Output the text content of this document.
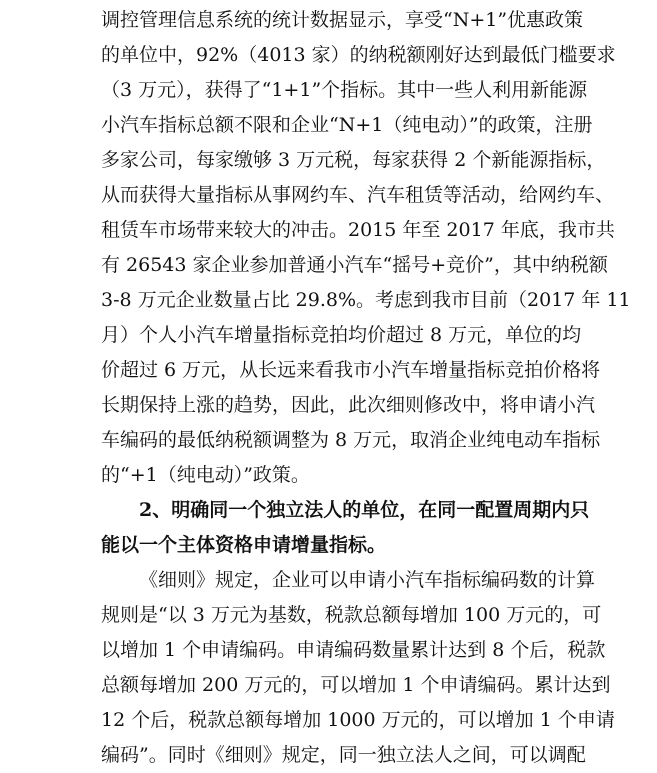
调控管理信息系统的统计数据显示，享受“N+1”优惠政策
的单位中，92%（4013 家）的纳税额刚好达到最低门槛要求
（3 万元），获得了“1+1”个指标。其中一些人利用新能源
小汽车指标总额不限和企业“N+1（纯电动）”的政策，注册
多家公司，每家缴够 3 万元税，每家获得 2 个新能源指标，
从而获得大量指标从事网约车、汽车租赁等活动，给网约车、
租赁车市场带来较大的冲击。2015 年至 2017 年底，我市共
有 26543 家企业参加普通小汽车“摇号+竞价”，其中纳税额
3-8 万元企业数量占比 29.8%。考虑到我市目前（2017 年 11
月）个人小汽车增量指标竞拍均价超过 8 万元，单位的均
价超过 6 万元，从长远来看我市小汽车增量指标竞拍价格将
长期保持上涨的趋势，因此，此次细则修改中，将申请小汽
车编码的最低纳税额调整为 8 万元，取消企业纯电动车指标
的“+1（纯电动）”政策。
2、明确同一个独立法人的单位，在同一配置周期内只
能以一个主体资格申请增量指标。
《细则》规定，企业可以申请小汽车指标编码数的计算
规则是“以 3 万元为基数，税款总额每增加 100 万元的，可
以增加 1 个申请编码。申请编码数量累计达到 8 个后，税款
总额每增加 200 万元的，可以增加 1 个申请编码。累计达到
12 个后，税款总额每增加 1000 万元的，可以增加 1 个申请
编码”。同时《细则》规定，同一独立法人之间，可以调配
